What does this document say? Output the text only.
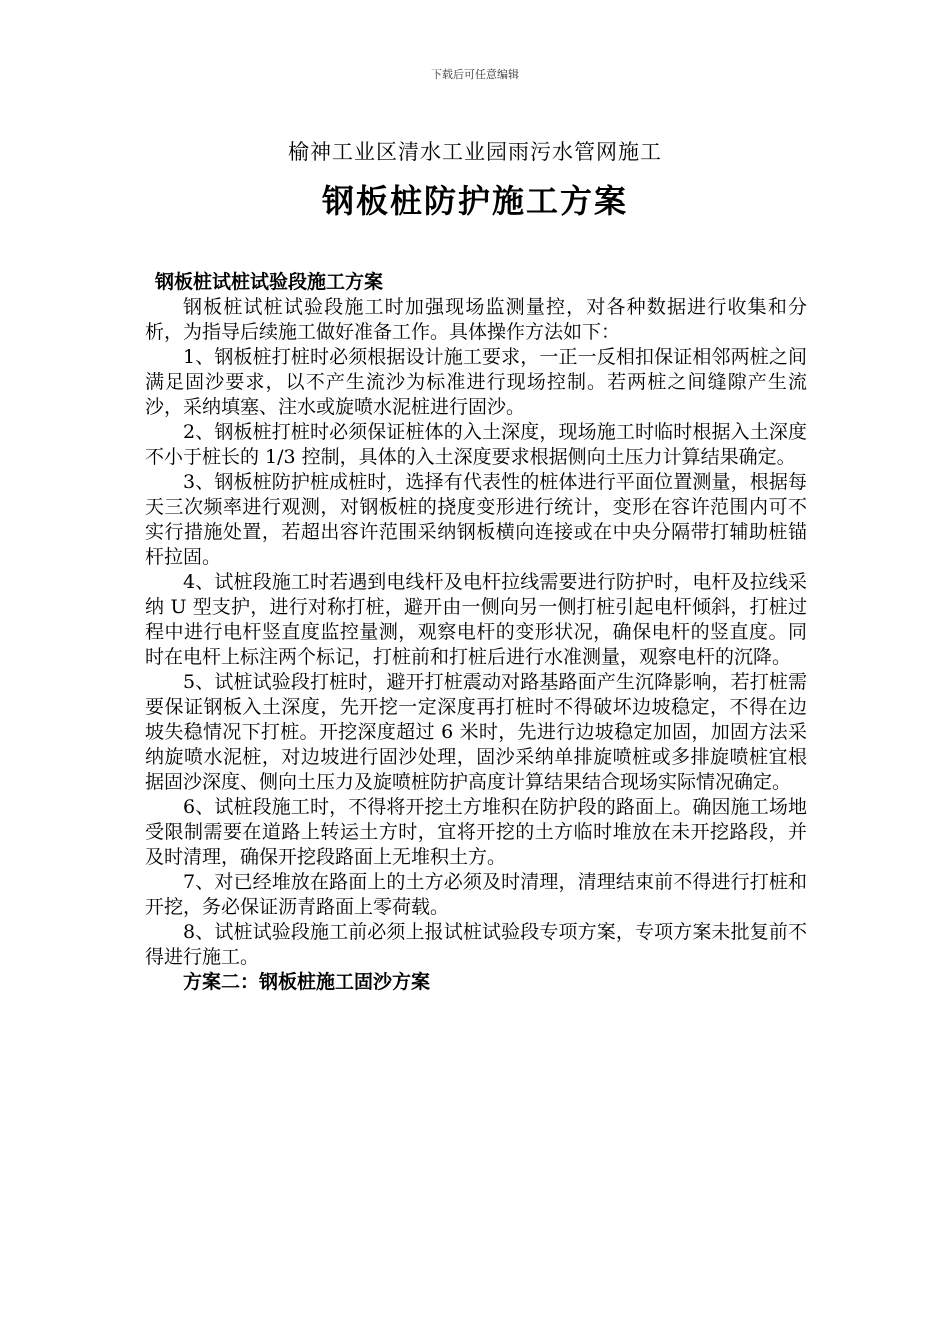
下载后可任意编辑
榆神工业区清水工业园雨污水管网施工
钢板桩防护施工方案

钢板桩试桩试验段施工方案

钢板桩试桩试验段施工时加强现场监测量控，对各种数据进行收集和分析，为指导后续施工做好准备工作。具体操作方法如下：

1、钢板桩打桩时必须根据设计施工要求，一正一反相扣保证相邻两桩之间满足固沙要求，以不产生流沙为标准进行现场控制。若两桩之间缝隙产生流沙，采纳填塞、注水或旋喷水泥桩进行固沙。

2、钢板桩打桩时必须保证桩体的入土深度，现场施工时临时根据入土深度不小于桩长的 1/3 控制，具体的入土深度要求根据侧向土压力计算结果确定。

3、钢板桩防护桩成桩时，选择有代表性的桩体进行平面位置测量，根据每天三次频率进行观测，对钢板桩的挠度变形进行统计，变形在容许范围内可不实行措施处置，若超出容许范围采纳钢板横向连接或在中央分隔带打辅助桩锚杆拉固。

4、试桩段施工时若遇到电线杆及电杆拉线需要进行防护时，电杆及拉线采纳 U 型支护，进行对称打桩，避开由一侧向另一侧打桩引起电杆倾斜，打桩过程中进行电杆竖直度监控量测，观察电杆的变形状况，确保电杆的竖直度。同时在电杆上标注两个标记，打桩前和打桩后进行水准测量，观察电杆的沉降。

5、试桩试验段打桩时，避开打桩震动对路基路面产生沉降影响，若打桩需要保证钢板入土深度，先开挖一定深度再打桩时不得破坏边坡稳定，不得在边坡失稳情况下打桩。开挖深度超过 6 米时，先进行边坡稳定加固，加固方法采纳旋喷水泥桩，对边坡进行固沙处理，固沙采纳单排旋喷桩或多排旋喷桩宜根据固沙深度、侧向土压力及旋喷桩防护高度计算结果结合现场实际情况确定。

6、试桩段施工时，不得将开挖土方堆积在防护段的路面上。确因施工场地受限制需要在道路上转运土方时，宜将开挖的土方临时堆放在未开挖路段，并及时清理，确保开挖段路面上无堆积土方。

7、对已经堆放在路面上的土方必须及时清理，清理结束前不得进行打桩和开挖，务必保证沥青路面上零荷载。

8、试桩试验段施工前必须上报试桩试验段专项方案，专项方案未批复前不得进行施工。

方案二：钢板桩施工固沙方案
